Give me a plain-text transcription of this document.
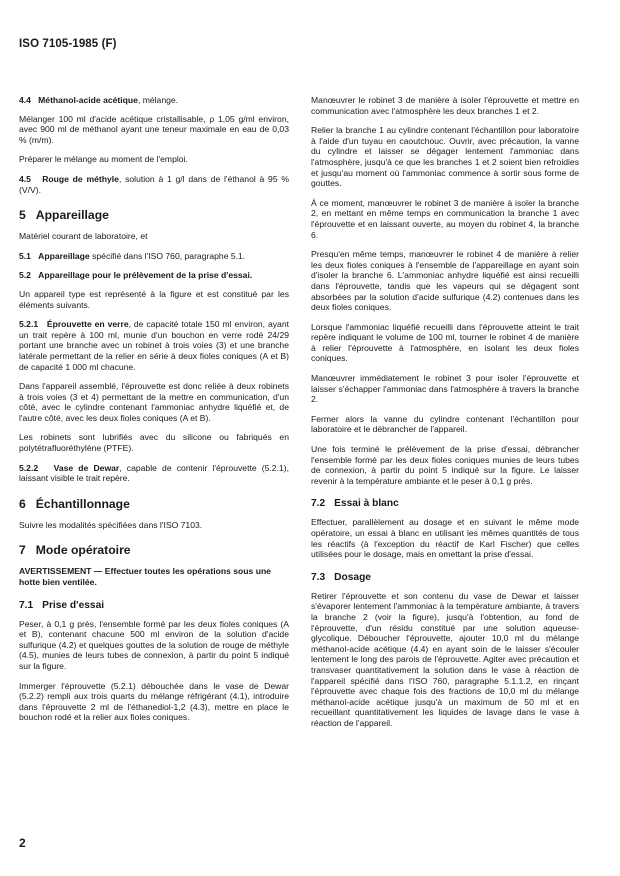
ISO 7105-1985 (F)

4.4 Méthanol-acide acétique, mélange.

Mélanger 100 ml d'acide acétique cristallisable, ρ 1,05 g/ml environ, avec 900 ml de méthanol ayant une teneur maximale en eau de 0,03 % (m/m).

Préparer le mélange au moment de l'emploi.

4.5 Rouge de méthyle, solution à 1 g/l dans de l'éthanol à 95 % (V/V).

5 Appareillage

Matériel courant de laboratoire, et

5.1 Appareillage spécifié dans l'ISO 760, paragraphe 5.1.

5.2 Appareillage pour le prélèvement de la prise d'essai.

Un appareil type est représenté à la figure et est constitué par les éléments suivants.

5.2.1 Éprouvette en verre, de capacité totale 150 ml environ, ayant un trait repère à 100 ml, munie d'un bouchon en verre rodé 24/29 portant une branche avec un robinet à trois voies (3) et une branche latérale permettant de la relier en série à deux fioles coniques (A et B) de capacité 1 000 ml chacune.

Dans l'appareil assemblé, l'éprouvette est donc reliée à deux robinets à trois voies (3 et 4) permettant de la mettre en communication, d'un côté, avec le cylindre contenant l'ammoniac anhydre liquéfié et, de l'autre côté, avec les deux fioles coniques (A et B).

Les robinets sont lubrifiés avec du silicone ou fabriqués en polytétrafluoréthylène (PTFE).

5.2.2 Vase de Dewar, capable de contenir l'éprouvette (5.2.1), laissant visible le trait repère.

6 Échantillonnage

Suivre les modalités spécifiées dans l'ISO 7103.

7 Mode opératoire

AVERTISSEMENT — Effectuer toutes les opérations sous une hotte bien ventilée.

7.1 Prise d'essai

Peser, à 0,1 g près, l'ensemble formé par les deux fioles coniques (A et B), contenant chacune 500 ml environ de la solution d'acide sulfurique (4.2) et quelques gouttes de la solution de rouge de méthyle (4.5), munies de leurs tubes de connexion, à partir du point 5 indiqué sur la figure.

Immerger l'éprouvette (5.2.1) débouchée dans le vase de Dewar (5.2.2) rempli aux trois quarts du mélange réfrigérant (4.1), introduire dans l'éprouvette 2 ml de l'éthanediol-1,2 (4.3), mettre en place le bouchon rodé et la relier aux fioles coniques.

Manœuvrer le robinet 3 de manière à isoler l'éprouvette et mettre en communication avec l'atmosphère les deux branches 1 et 2.

Relier la branche 1 au cylindre contenant l'échantillon pour laboratoire à l'aide d'un tuyau en caoutchouc. Ouvrir, avec précaution, la vanne du cylindre et laisser se dégager lentement l'ammoniac dans l'atmosphère, jusqu'à ce que les branches 1 et 2 soient bien refroidies et jusqu'au moment où l'ammoniac commence à sortir sous forme de gouttes.

À ce moment, manœuvrer le robinet 3 de manière à isoler la branche 2, en mettant en même temps en communication la branche 1 avec l'éprouvette et en laissant ouverte, au moyen du robinet 4, la branche 6.

Presqu'en même temps, manœuvrer le robinet 4 de manière à relier les deux fioles coniques à l'ensemble de l'appareillage en ayant soin d'isoler la branche 6. L'ammoniac anhydre liquéfié est ainsi recueilli dans l'éprouvette, tandis que les vapeurs qui se dégagent sont absorbées par la solution d'acide sulfurique (4.2) contenues dans les deux fioles coniques.

Lorsque l'ammoniac liquéfié recueilli dans l'éprouvette atteint le trait repère indiquant le volume de 100 ml, tourner le robinet 4 de manière à relier l'éprouvette à l'atmosphère, en isolant les deux fioles coniques.

Manœuvrer immédiatement le robinet 3 pour isoler l'éprouvette et laisser s'échapper l'ammoniac dans l'atmosphère à travers la branche 2.

Fermer alors la vanne du cylindre contenant l'échantillon pour laboratoire et le débrancher de l'appareil.

Une fois terminé le prélèvement de la prise d'essai, débrancher l'ensemble formé par les deux fioles coniques munies de leurs tubes de connexion, à partir du point 5 indiqué sur la figure. Le laisser revenir à la température ambiante et le peser à 0,1 g près.

7.2 Essai à blanc

Effectuer, parallèlement au dosage et en suivant le même mode opératoire, un essai à blanc en utilisant les mêmes quantités de tous les réactifs (à l'exception du réactif de Karl Fischer) que celles utilisées pour le dosage, mais en omettant la prise d'essai.

7.3 Dosage

Retirer l'éprouvette et son contenu du vase de Dewar et laisser s'évaporer lentement l'ammoniac à la température ambiante, à travers la branche 2 (voir la figure), jusqu'à l'obtention, au fond de l'éprouvette, d'un résidu constitué par une solution aqueuse-glycolique. Déboucher l'éprouvette, ajouter 10,0 ml du mélange méthanol-acide acétique (4.4) en ayant soin de le laisser s'écouler lentement le long des parois de l'éprouvette. Agiter avec précaution et transvaser quantitativement la solution dans le vase à réaction de l'appareil spécifié dans l'ISO 760, paragraphe 5.1.1.2, en rinçant l'éprouvette avec chaque fois des fractions de 10,0 ml du mélange méthanol-acide acétique jusqu'à un maximum de 50 ml et en recueillant quantitativement les liquides de lavage dans le vase à réaction de l'appareil.

2
